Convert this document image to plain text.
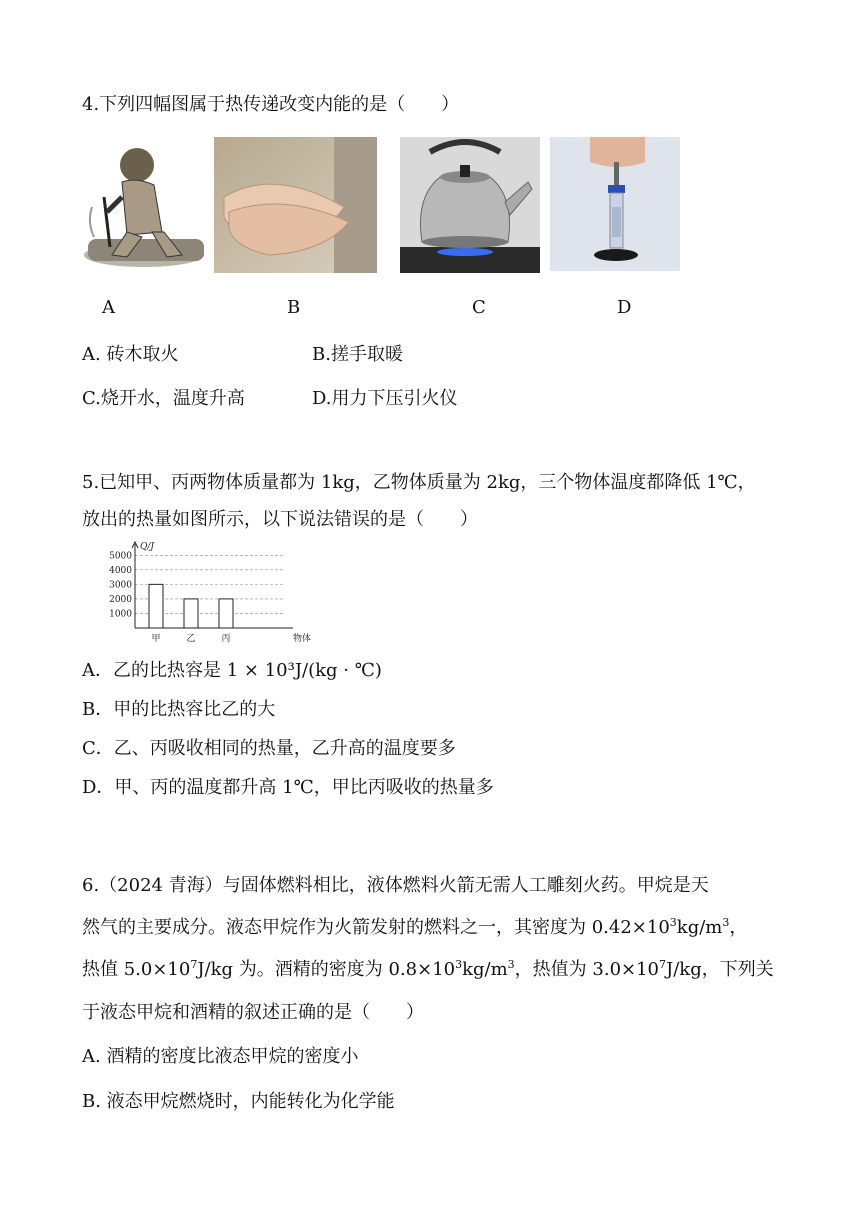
4.下列四幅图属于热传递改变内能的是（　　）
A	B	C	D
A. 砖木取火	B.搓手取暖
C.烧开水，温度升高	D.用力下压引火仪
5.已知甲、丙两物体质量都为 1kg，乙物体质量为 2kg，三个物体温度都降低 1℃，
放出的热量如图所示，以下说法错误的是（　　）
1000
2000
3000
4000
5000
Q/J
物体
甲	乙	丙
A．乙的比热容是 1 × 10³J/(kg · ℃)
B．甲的比热容比乙的大
C．乙、丙吸收相同的热量，乙升高的温度要多
D．甲、丙的温度都升高 1℃，甲比丙吸收的热量多
6.（2024 青海）与固体燃料相比，液体燃料火箭无需人工雕刻火药。甲烷是天
然气的主要成分。液态甲烷作为火箭发射的燃料之一，其密度为 $0.42\times 10^3kg/m^3$，
热值 $5.0\times 10^7J/kg$ 为。酒精的密度为 $0.8\times 10^3kg/m^3$，热值为 $3.0\times 10^7J/kg$，下列关
于液态甲烷和酒精的叙述正确的是（　　）
A. 酒精的密度比液态甲烷的密度小
B. 液态甲烷燃烧时，内能转化为化学能
